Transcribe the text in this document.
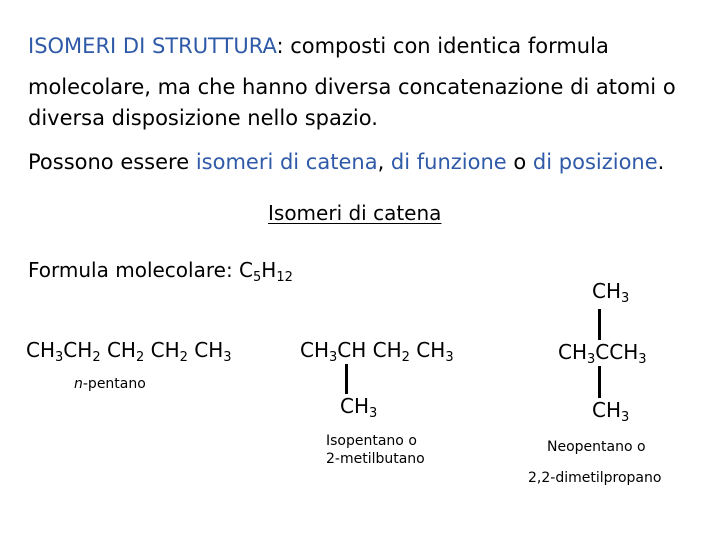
ISOMERI DI STRUTTURA: composti con identica formula
molecolare, ma che hanno diversa concatenazione di atomi o
diversa disposizione nello spazio.
Possono essere isomeri di catena, di funzione o di posizione.
Isomeri di catena
Formula molecolare: $C_5H_{12}$
$CH_3CH_2$ $CH_2$ $CH_2$ $CH_3$
n-pentano
$CH_3CH$ $CH_2$ $CH_3$
$CH_3$
Isopentano o
2-metilbutano
$CH_3$
$CH_3CCH_3$
$CH_3$
Neopentano o
2,2-dimetilpropano
